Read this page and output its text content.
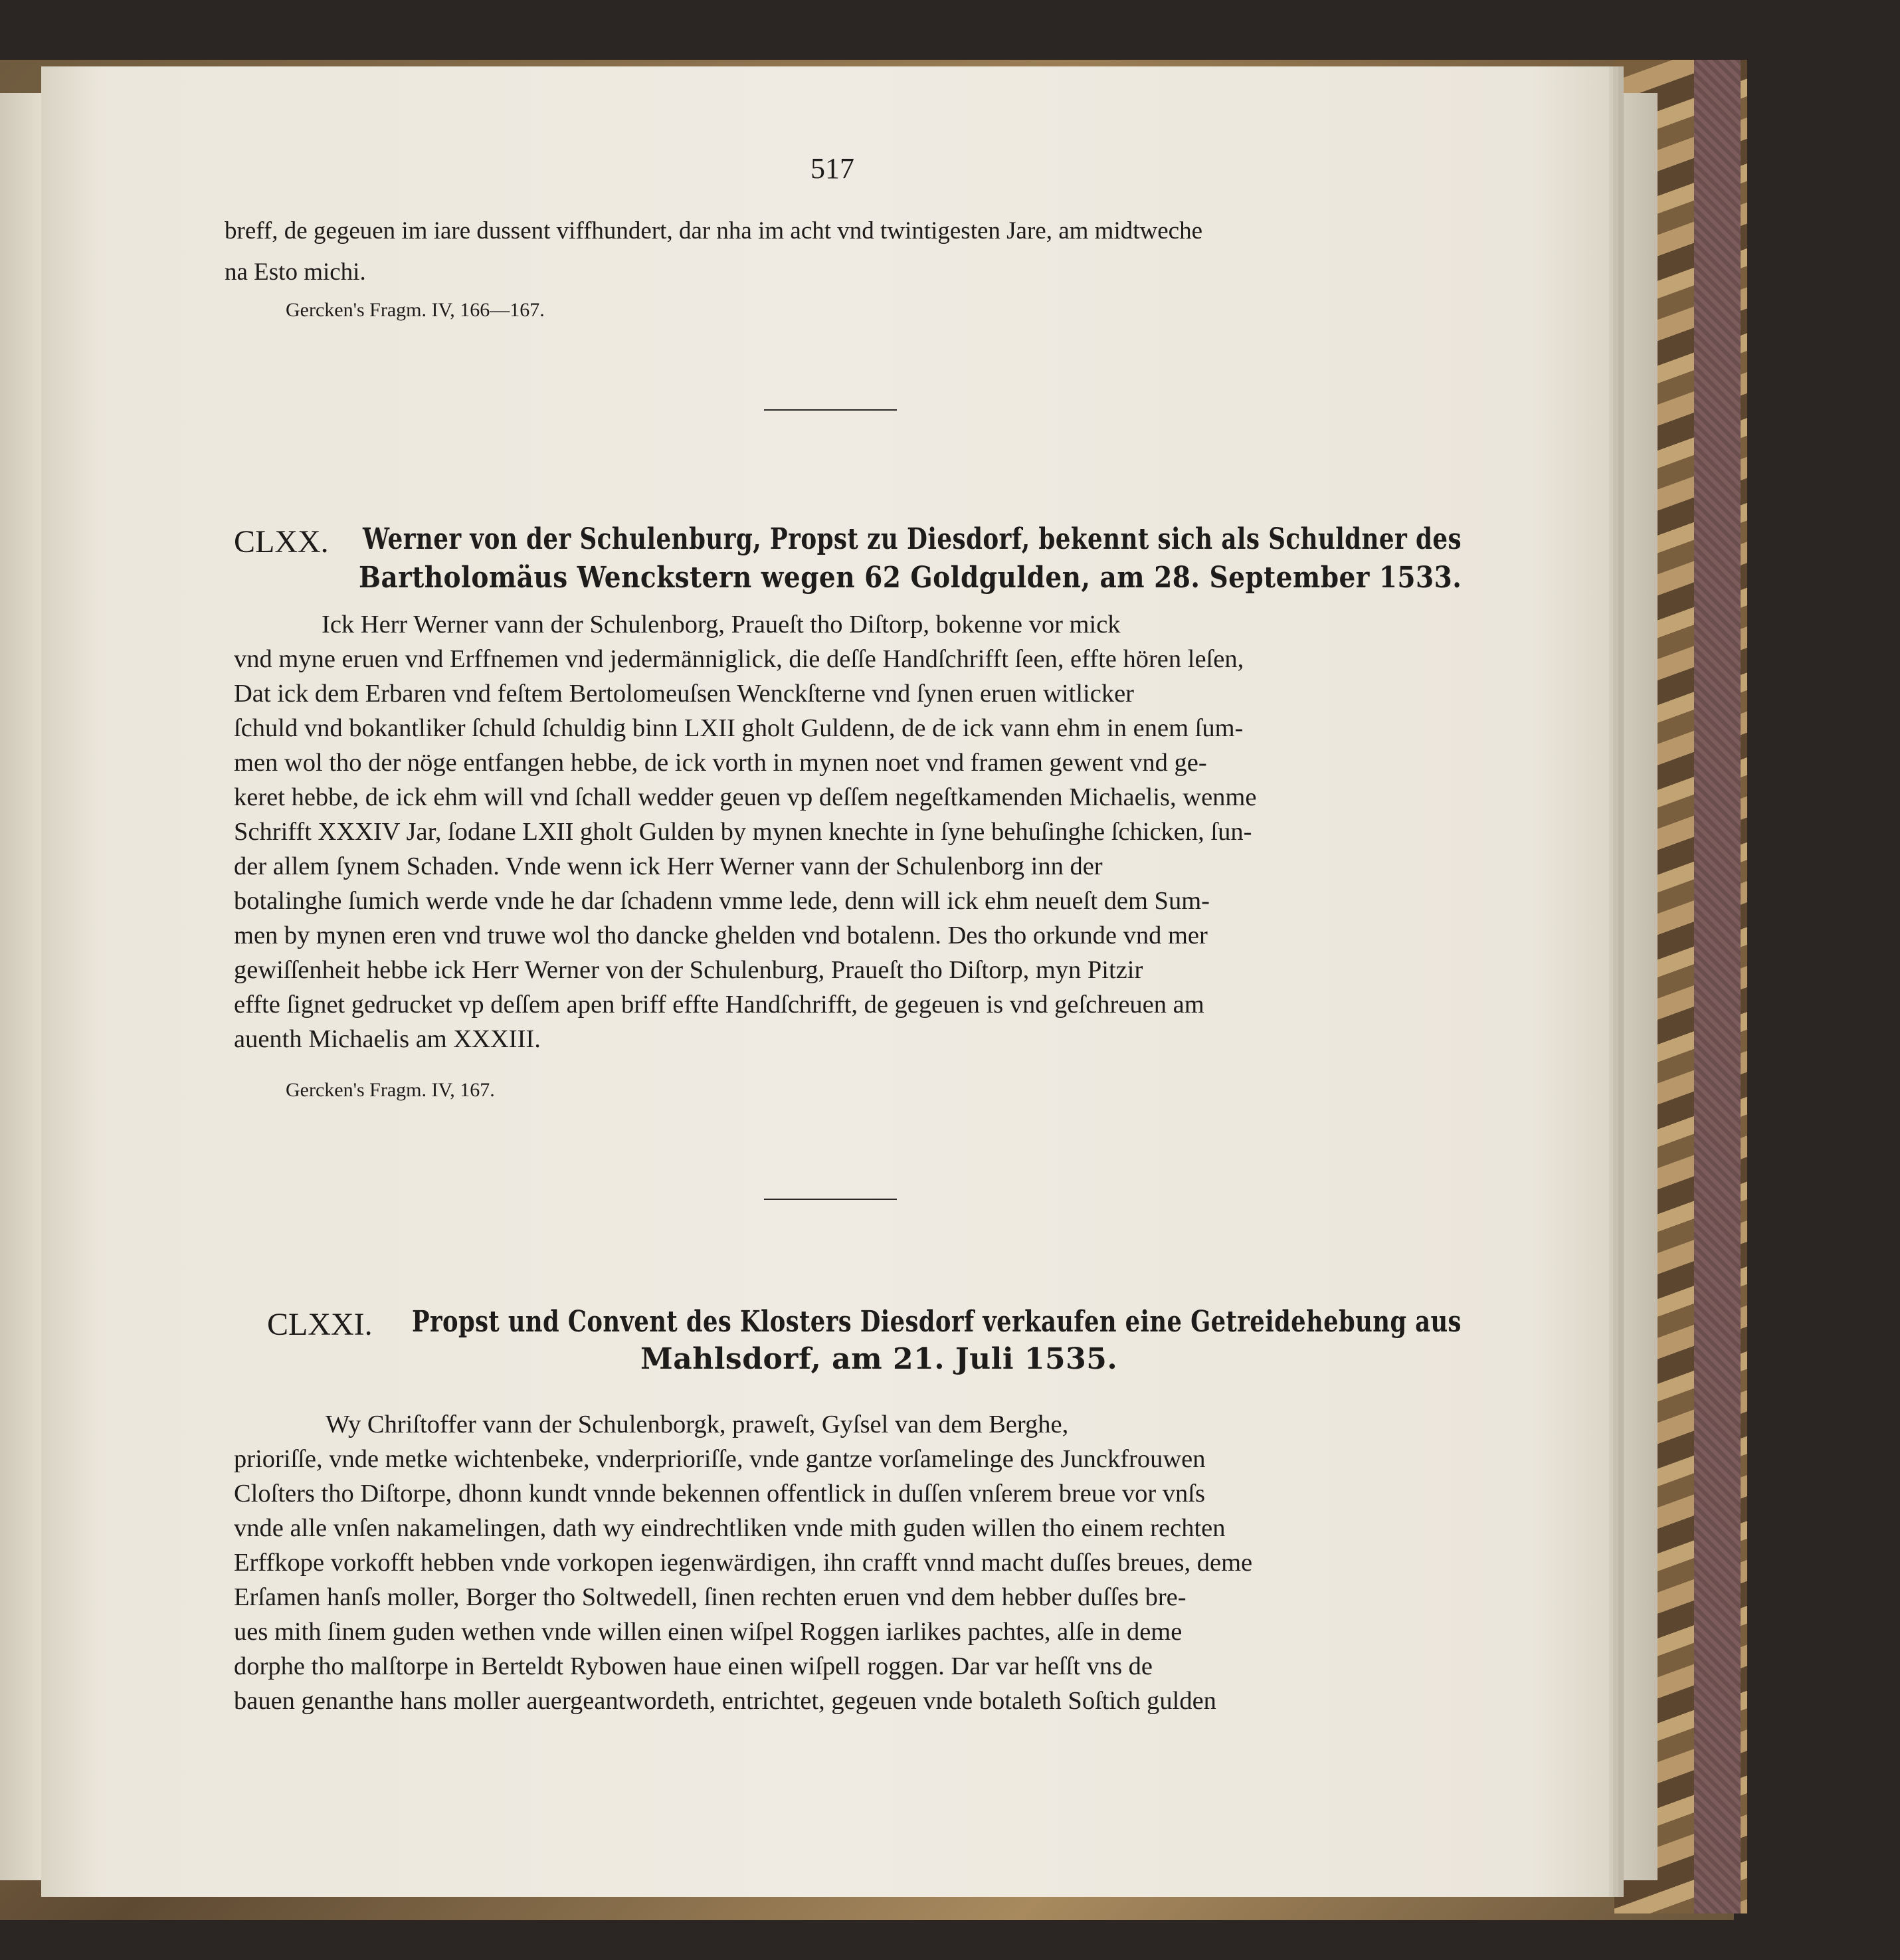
517
breff, de gegeuen im iare dussent viffhundert, dar nha im acht vnd twintigesten Jare, am midtweche
na Esto michi.
Gercken's Fragm. IV, 166—167.
CLXX. Werner von der Schulenburg, Propst zu Diesdorf, bekennt sich als Schuldner des
Bartholomäus Wenckstern wegen 62 Goldgulden, am 28. September 1533.
Ick Herr Werner vann der Schulenborg, Praueſt tho Diſtorp, bokenne vor mick
vnd myne eruen vnd Erffnemen vnd jedermänniglick, die deſſe Handſchrifft ſeen, effte hören leſen,
Dat ick dem Erbaren vnd feſtem Bertolomeuſsen Wenckſterne vnd ſynen eruen witlicker
ſchuld vnd bokantliker ſchuld ſchuldig binn LXII gholt Guldenn, de de ick vann ehm in enem ſum-
men wol tho der nöge entfangen hebbe, de ick vorth in mynen noet vnd framen gewent vnd ge-
keret hebbe, de ick ehm will vnd ſchall wedder geuen vp deſſem negeſtkamenden Michaelis, wenme
Schrifft XXXIV Jar, ſodane LXII gholt Gulden by mynen knechte in ſyne behuſinghe ſchicken, ſun-
der allem ſynem Schaden. Vnde wenn ick Herr Werner vann der Schulenborg inn der
botalinghe ſumich werde vnde he dar ſchadenn vmme lede, denn will ick ehm neueſt dem Sum-
men by mynen eren vnd truwe wol tho dancke ghelden vnd botalenn. Des tho orkunde vnd mer
gewiſſenheit hebbe ick Herr Werner von der Schulenburg, Praueſt tho Diſtorp, myn Pitzir
effte ſignet gedrucket vp deſſem apen briff effte Handſchrifft, de gegeuen is vnd geſchreuen am
auenth Michaelis am XXXIII.
Gercken's Fragm. IV, 167.
CLXXI. Propst und Convent des Klosters Diesdorf verkaufen eine Getreidehebung aus
Mahlsdorf, am 21. Juli 1535.
Wy Chriſtoffer vann der Schulenborgk, praweſt, Gyſsel van dem Berghe,
prioriſſe, vnde metke wichtenbeke, vnderprioriſſe, vnde gantze vorſamelinge des Junckfrouwen
Cloſters tho Diſtorpe, dhonn kundt vnnde bekennen offentlick in duſſen vnſerem breue vor vnſs
vnde alle vnſen nakamelingen, dath wy eindrechtliken vnde mith guden willen tho einem rechten
Erffkope vorkofft hebben vnde vorkopen iegenwärdigen, ihn crafft vnnd macht duſſes breues, deme
Erſamen hanſs moller, Borger tho Soltwedell, ſinen rechten eruen vnd dem hebber duſſes bre-
ues mith ſinem guden wethen vnde willen einen wiſpel Roggen iarlikes pachtes, alſe in deme
dorphe tho malſtorpe in Berteldt Rybowen haue einen wiſpell roggen. Dar var heſſt vns de
bauen genanthe hans moller auergeantwordeth, entrichtet, gegeuen vnde botaleth Soſtich gulden
